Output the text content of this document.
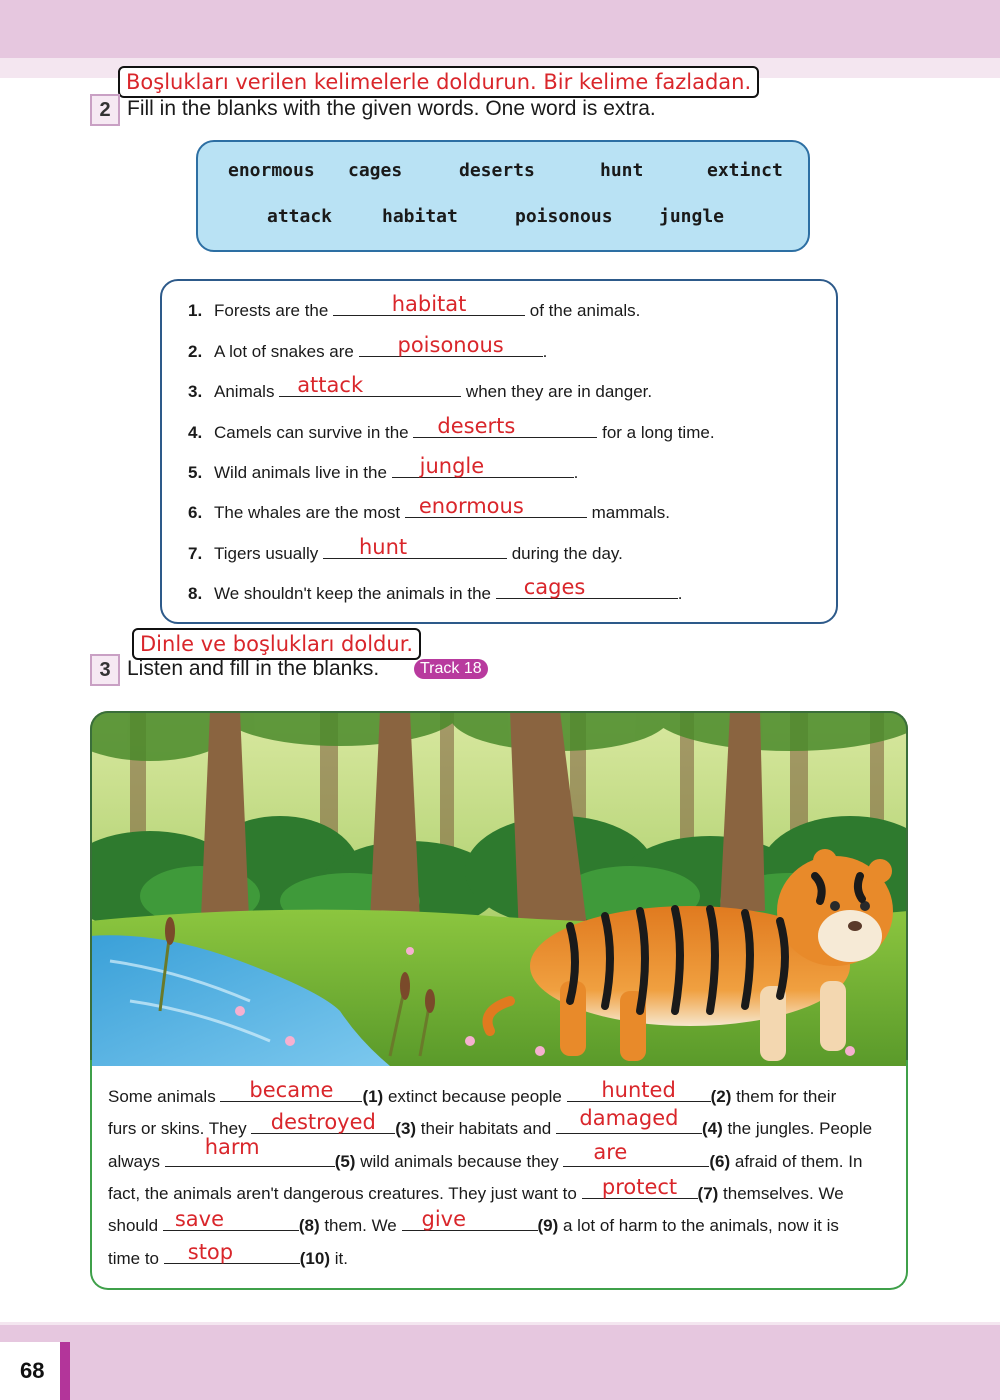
Boşlukları verilen kelimelerle doldurun. Bir kelime fazladan.
2 Fill in the blanks with the given words. One word is extra.
enormous cages	deserts	hunt	extinct
attack	habitat	poisonous	jungle
1. Forests are the	habitat	of the animals.
2. A lot of snakes are	poisonous	.
3. Animals attack	when they are in danger.
4. Camels can survive in the	deserts	for a long time.
5. Wild animals live in the	jungle	.
6. The whales are the most enormous	mammals.
7. Tigers usually	hunt	during the day.
8. We shouldn't keep the animals in the	cages	.
Dinle ve boşlukları doldur.
3 Listen and fill in the blanks.	Track 18
Some animals	became	(1) extinct because people	hunted	(2) them for their
furs or skins. They destroyed	(3) their habitats and	damaged	(4) the jungles. People
always
harm
(5) wild animals because they	are	(6) afraid of them. In
fact, the animals aren't dangerous creatures. They just want to protect	(7) themselves. We
should save	(8) them. We give	(9) a lot of harm to the animals, now it is
time to	stop	(10) it.
68
